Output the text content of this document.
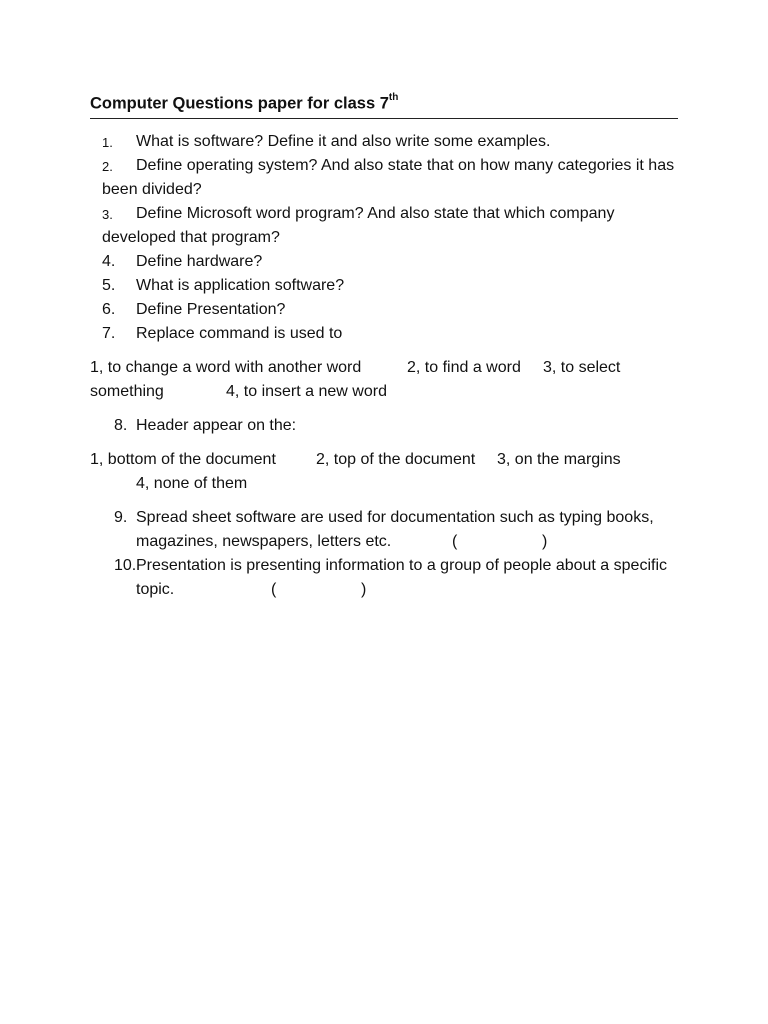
Computer Questions paper for class 7th
1. What is software? Define it and also write some examples.
2. Define operating system? And also state that on how many categories it has
been divided?
3. Define Microsoft word program? And also state that which company
developed that program?
4. Define hardware?
5. What is application software?
6. Define Presentation?
7. Replace command is used to
1, to change a word with another word	2, to find a word 3, to select
something	4, to insert a new word
8. Header appear on the:
1, bottom of the document	2, top of the document 3, on the margins
4, none of them
9. Spread sheet software are used for documentation such as typing books,
magazines, newspapers, letters etc.	(	)
10. Presentation is presenting information to a group of people about a specific
topic.	(	)
